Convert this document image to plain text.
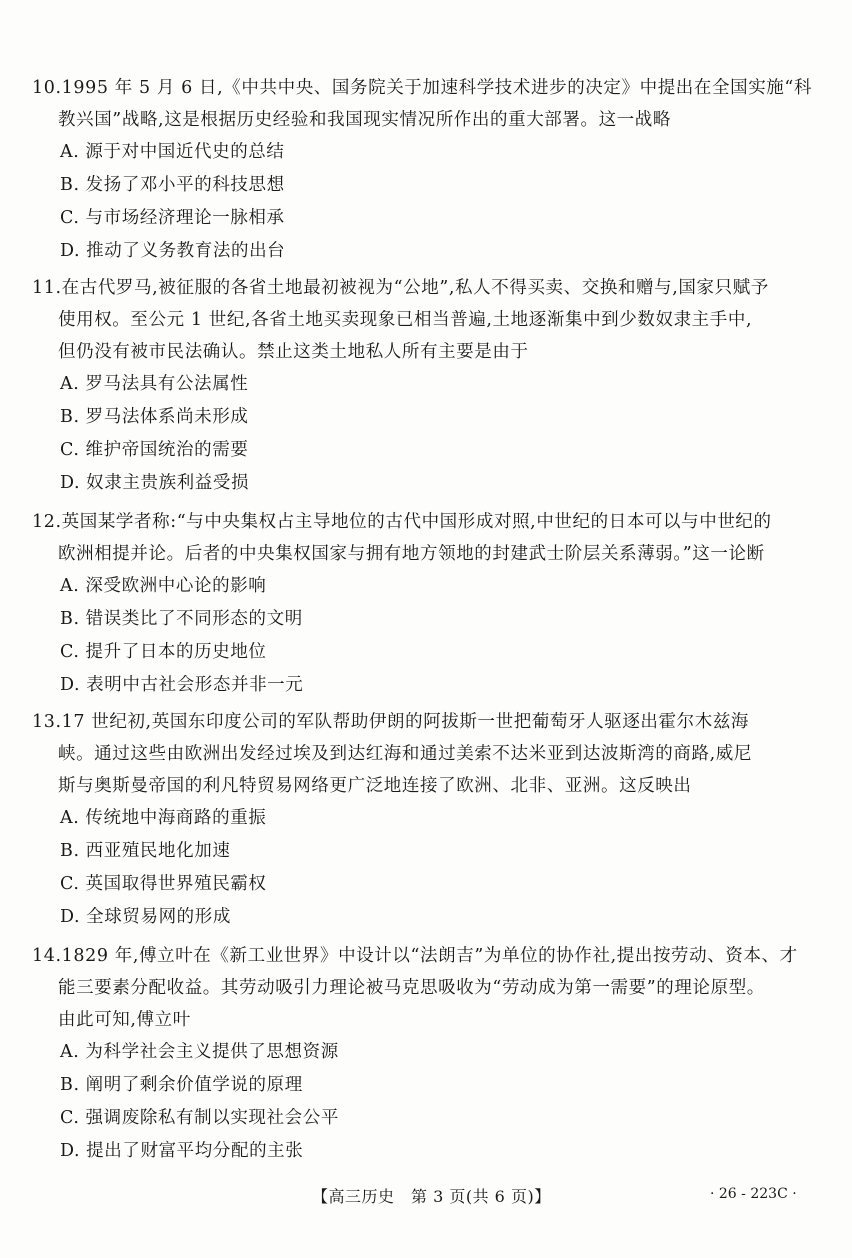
10.1995 年 5 月 6 日,《中共中央、国务院关于加速科学技术进步的决定》中提出在全国实施“科
教兴国”战略,这是根据历史经验和我国现实情况所作出的重大部署。这一战略
A. 源于对中国近代史的总结
B. 发扬了邓小平的科技思想
C. 与市场经济理论一脉相承
D. 推动了义务教育法的出台
11.在古代罗马,被征服的各省土地最初被视为“公地”,私人不得买卖、交换和赠与,国家只赋予
使用权。至公元 1 世纪,各省土地买卖现象已相当普遍,土地逐渐集中到少数奴隶主手中,
但仍没有被市民法确认。禁止这类土地私人所有主要是由于
A. 罗马法具有公法属性
B. 罗马法体系尚未形成
C. 维护帝国统治的需要
D. 奴隶主贵族利益受损
12.英国某学者称:“与中央集权占主导地位的古代中国形成对照,中世纪的日本可以与中世纪的
欧洲相提并论。后者的中央集权国家与拥有地方领地的封建武士阶层关系薄弱。”这一论断
A. 深受欧洲中心论的影响
B. 错误类比了不同形态的文明
C. 提升了日本的历史地位
D. 表明中古社会形态并非一元
13.17 世纪初,英国东印度公司的军队帮助伊朗的阿拔斯一世把葡萄牙人驱逐出霍尔木兹海
峡。通过这些由欧洲出发经过埃及到达红海和通过美索不达米亚到达波斯湾的商路,威尼
斯与奥斯曼帝国的利凡特贸易网络更广泛地连接了欧洲、北非、亚洲。这反映出
A. 传统地中海商路的重振
B. 西亚殖民地化加速
C. 英国取得世界殖民霸权
D. 全球贸易网的形成
14.1829 年,傅立叶在《新工业世界》中设计以“法朗吉”为单位的协作社,提出按劳动、资本、才
能三要素分配收益。其劳动吸引力理论被马克思吸收为“劳动成为第一需要”的理论原型。
由此可知,傅立叶
A. 为科学社会主义提供了思想资源
B. 阐明了剩余价值学说的原理
C. 强调废除私有制以实现社会公平
D. 提出了财富平均分配的主张
【高三历史　第 3 页(共 6 页)】	· 26 - 223C ·
